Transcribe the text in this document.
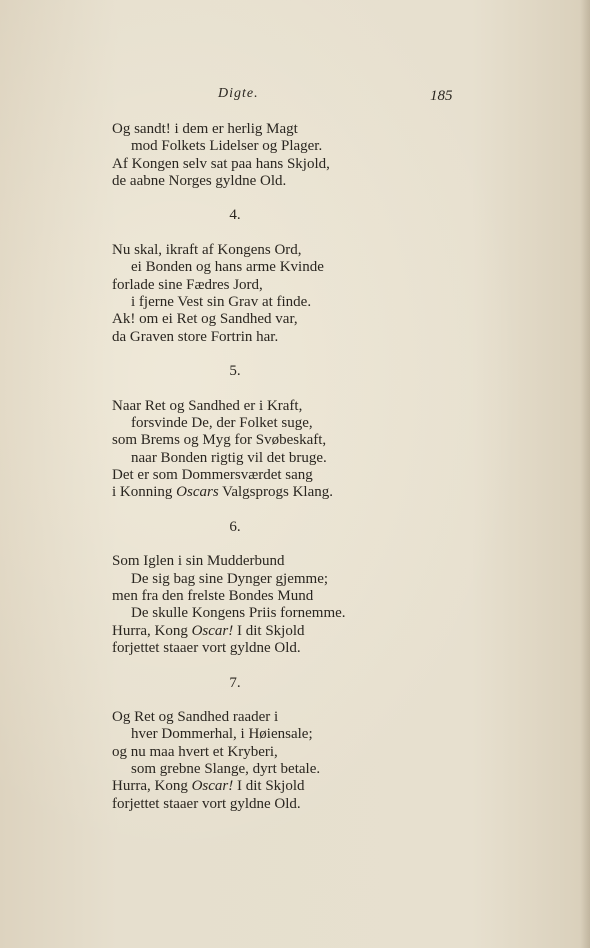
Digte.	185
Og sandt! i dem er herlig Magt
mod Folkets Lidelser og Plager.
Af Kongen selv sat paa hans Skjold,
de aabne Norges gyldne Old.
4.
Nu skal, ikraft af Kongens Ord,
ei Bonden og hans arme Kvinde
forlade sine Fædres Jord,
i fjerne Vest sin Grav at finde.
Ak! om ei Ret og Sandhed var,
da Graven store Fortrin har.
5.
Naar Ret og Sandhed er i Kraft,
forsvinde De, der Folket suge,
som Brems og Myg for Svøbeskaft,
naar Bonden rigtig vil det bruge.
Det er som Dommersværdet sang
i Konning Oscars Valgsprogs Klang.
6.
Som Iglen i sin Mudderbund
De sig bag sine Dynger gjemme;
men fra den frelste Bondes Mund
De skulle Kongens Priis fornemme.
Hurra, Kong Oscar! I dit Skjold
forjettet staaer vort gyldne Old.
7.
Og Ret og Sandhed raader i
hver Dommerhal, i Høiensale;
og nu maa hvert et Kryberi,
som grebne Slange, dyrt betale.
Hurra, Kong Oscar! I dit Skjold
forjettet staaer vort gyldne Old.
